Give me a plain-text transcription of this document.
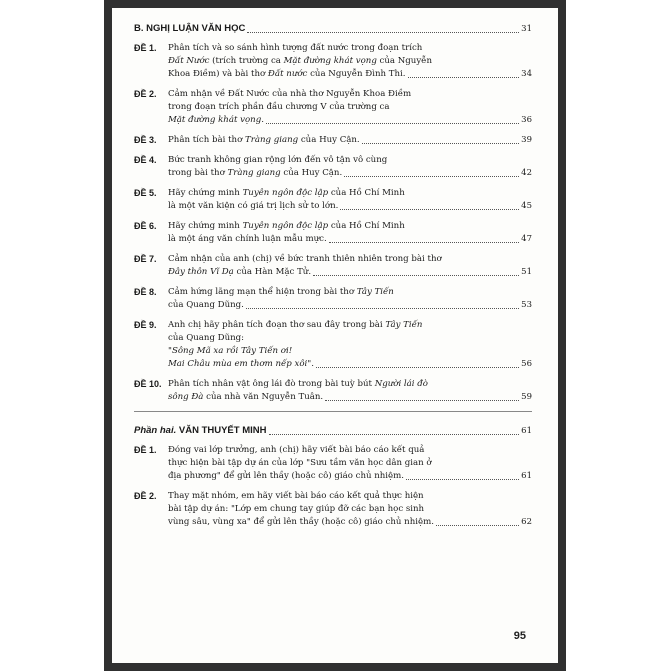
B. NGHỊ LUẬN VĂN HỌC	31
ĐỀ 1.	Phân tích và so sánh hình tượng đất nước trong đoạn trích
Đất Nước (trích trường ca Mặt đường khát vọng của Nguyễn
Khoa Điềm) và bài thơ Đất nước của Nguyễn Đình Thi.	34
ĐỀ 2.	Cảm nhận về Đất Nước của nhà thơ Nguyễn Khoa Điềm
trong đoạn trích phần đầu chương V của trường ca
Mặt đường khát vọng.	36
ĐỀ 3.	Phân tích bài thơ Tràng giang của Huy Cận.	39
ĐỀ 4.	Bức tranh không gian rộng lớn đến vô tận vô cùng
trong bài thơ Tràng giang của Huy Cận.	42
ĐỀ 5.	Hãy chứng minh Tuyên ngôn độc lập của Hồ Chí Minh
là một văn kiện có giá trị lịch sử to lớn.	45
ĐỀ 6.	Hãy chứng minh Tuyên ngôn độc lập của Hồ Chí Minh
là một áng văn chính luận mẫu mực.	47
ĐỀ 7.	Cảm nhận của anh (chị) về bức tranh thiên nhiên trong bài thơ
Đây thôn Vĩ Dạ của Hàn Mặc Tử.	51
ĐỀ 8.	Cảm hứng lãng mạn thể hiện trong bài thơ Tây Tiến
của Quang Dũng.	53
ĐỀ 9.	Anh chị hãy phân tích đoạn thơ sau đây trong bài Tây Tiến
của Quang Dũng:
"Sông Mã xa rồi Tây Tiến ơi!
Mai Châu mùa em thơm nếp xôi".	56
ĐỀ 10. Phân tích nhân vật ông lái đò trong bài tuỳ bút Người lái đò
sông Đà của nhà văn Nguyễn Tuân.	59
Phần hai.
VĂN THUYẾT MINH	61
ĐỀ 1.	Đóng vai lớp trưởng, anh (chị) hãy viết bài báo cáo kết quả
thực hiện bài tập dự án của lớp "Sưu tầm văn học dân gian ở
địa phương" để gửi lên thầy (hoặc cô) giáo chủ nhiệm.	61
ĐỀ 2.	Thay mặt nhóm, em hãy viết bài báo cáo kết quả thực hiện
bài tập dự án: "Lớp em chung tay giúp đỡ các bạn học sinh
vùng sâu, vùng xa" để gửi lên thầy (hoặc cô) giáo chủ nhiệm.	62
95
